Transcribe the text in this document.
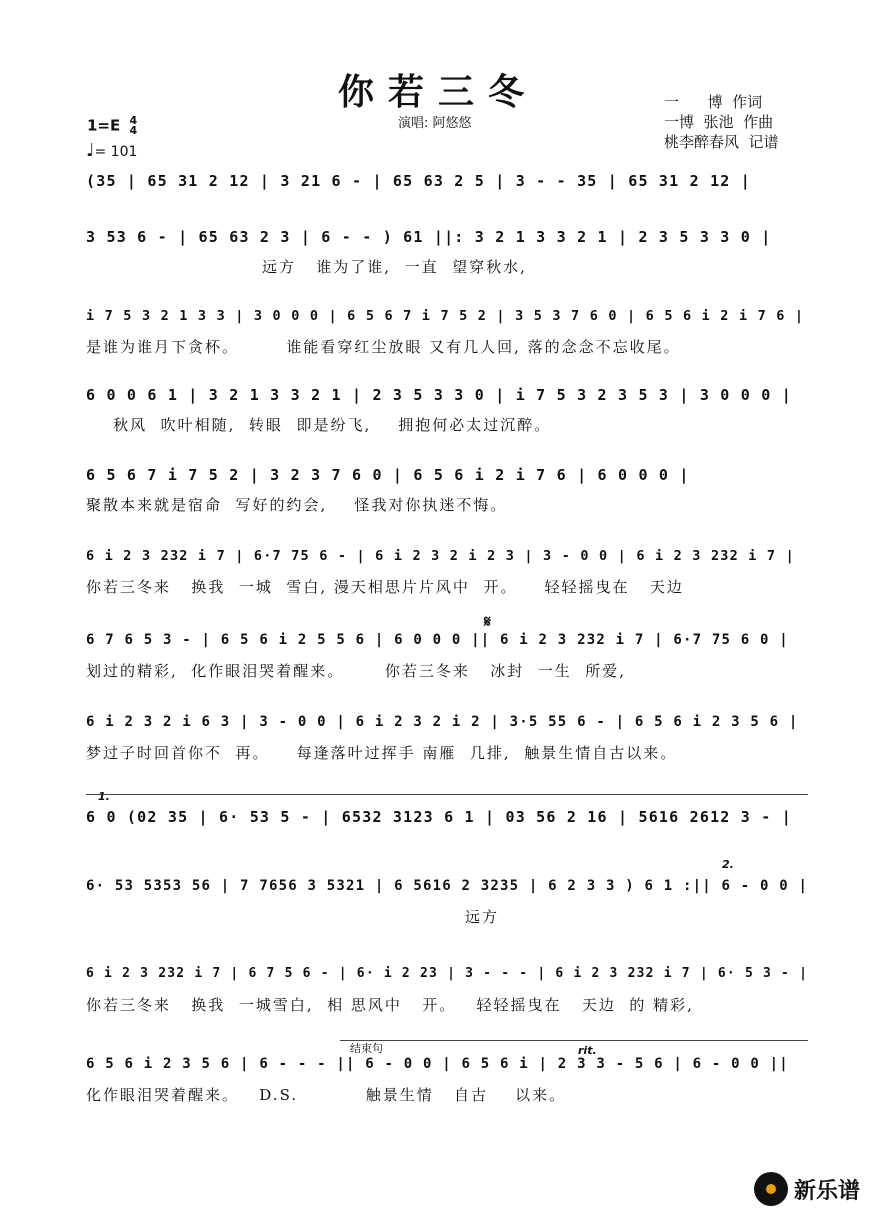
你若三冬
演唱: 阿悠悠
一      博  作词
一博  张池  作曲
桃李醉春风  记谱
1=E 4
4
♩= 101
(35 | 65 31 2 12 | 3 21 6 - | 65 63 2 5 | 3 - - 35 | 65 31 2 12 |
3 53 6 - | 65 63 2 3 | 6 - - ) 61 ||: 3 2 1 3 3 2 1 | 2 3 5 3 3 0 |
远方   谁为了谁,  一直  望穿秋水,
i 7 5 3 2 1 3 3 | 3 0 0 0 | 6 5 6 7 i 7 5 2 | 3 5 3 7 6 0 | 6 5 6 i 2 i 7 6 |
是谁为谁月下贪杯。       谁能看穿红尘放眼 又有几人回, 落的念念不忘收尾。
6 0 0 6 1 | 3 2 1 3 3 2 1 | 2 3 5 3 3 0 | i 7 5 3 2 3 5 3 | 3 0 0 0 |
秋风  吹叶相随,  转眼  即是纷飞,    拥抱何必太过沉醉。
6 5 6 7 i 7 5 2 | 3 2 3 7 6 0 | 6 5 6 i 2 i 7 6 | 6 0 0 0 |
聚散本来就是宿命  写好的约会,    怪我对你执迷不悔。
6 i 2 3 232 i 7 | 6·7 75 6 - | 6 i 2 3 2 i 2 3 | 3 - 0 0 | 6 i 2 3 232 i 7 |
你若三冬来   换我  一城  雪白, 漫天相思片片风中  开。    轻轻摇曳在   天边
6 7 6 5 3 - | 6 5 6 i 2 5 5 6 | 6 0 0 0 || 6 i 2 3 232 i 7 | 6·7 75 6 0 |
划过的精彩,  化作眼泪哭着醒来。      你若三冬来   冰封  一生  所爱,
6 i 2 3 2 i 6 3 | 3 - 0 0 | 6 i 2 3 2 i 2 | 3·5 55 6 - | 6 5 6 i 2 3 5 6 |
梦过子时回首你不  再。    每逢落叶过挥手 南雁  几排,  触景生情自古以来。
6 0 (02 35 | 6· 53 5 - | 6532 3123 6 1 | 03 56 2 16 | 5616 2612 3 - |
6· 53 5353 56 | 7 7656 3 5321 | 6 5616 2 3235 | 6 2 3 3 ) 6 1 :|| 6 - 0 0 |
远方
6 i 2 3 232 i 7 | 6 7 5 6 - | 6· i 2 23 | 3 - - - | 6 i 2 3 232 i 7 | 6· 5 3 - |
你若三冬来   换我  一城雪白,  相 思风中   开。   轻轻摇曳在   天边  的 精彩,
6 5 6 i 2 3 5 6 | 6 - - - || 6 - 0 0 | 6 5 6 i | 2 3 3 - 5 6 | 6 - 0 0 ||
化作眼泪哭着醒来。   D.S.          触景生情   自古    以来。
1.
2.
𝄋
结束句	rit.
新乐谱
